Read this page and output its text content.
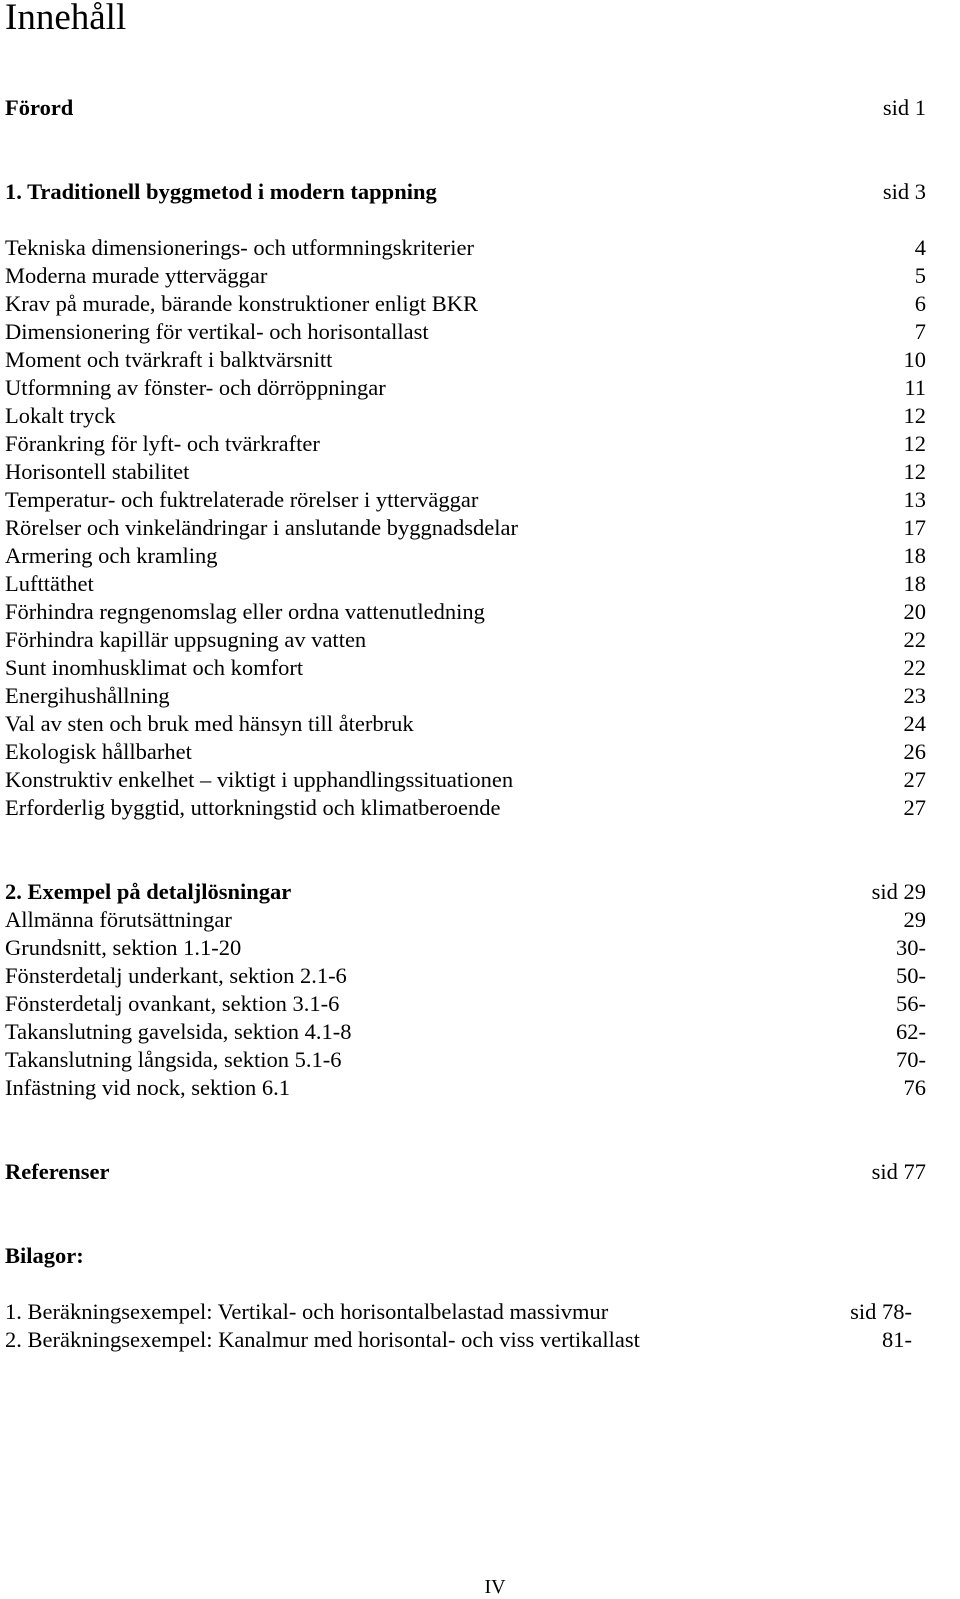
Innehåll
Förord	sid 1
1. Traditionell byggmetod i modern tappning	sid 3
Tekniska dimensionerings- och utformningskriterier	4
Moderna murade ytterväggar	5
Krav på murade, bärande konstruktioner enligt BKR	6
Dimensionering för vertikal- och horisontallast	7
Moment och tvärkraft i balktvärsnitt	10
Utformning av fönster- och dörröppningar	11
Lokalt tryck	12
Förankring för lyft- och tvärkrafter	12
Horisontell stabilitet	12
Temperatur- och fuktrelaterade rörelser i ytterväggar	13
Rörelser och vinkeländringar i anslutande byggnadsdelar	17
Armering och kramling	18
Lufttäthet	18
Förhindra regngenomslag eller ordna vattenutledning	20
Förhindra kapillär uppsugning av vatten	22
Sunt inomhusklimat och komfort	22
Energihushållning	23
Val av sten och bruk med hänsyn till återbruk	24
Ekologisk hållbarhet	26
Konstruktiv enkelhet – viktigt i upphandlingssituationen	27
Erforderlig byggtid, uttorkningstid och klimatberoende	27
2. Exempel på detaljlösningar	sid 29
Allmänna förutsättningar	29
Grundsnitt, sektion 1.1-20	30-
Fönsterdetalj underkant, sektion 2.1-6	50-
Fönsterdetalj ovankant, sektion 3.1-6	56-
Takanslutning gavelsida, sektion 4.1-8	62-
Takanslutning långsida, sektion 5.1-6	70-
Infästning vid nock, sektion 6.1	76
Referenser	sid 77
Bilagor:
1. Beräkningsexempel: Vertikal- och horisontalbelastad massivmur	sid 78-
2. Beräkningsexempel: Kanalmur med horisontal- och viss vertikallast	81-
IV
